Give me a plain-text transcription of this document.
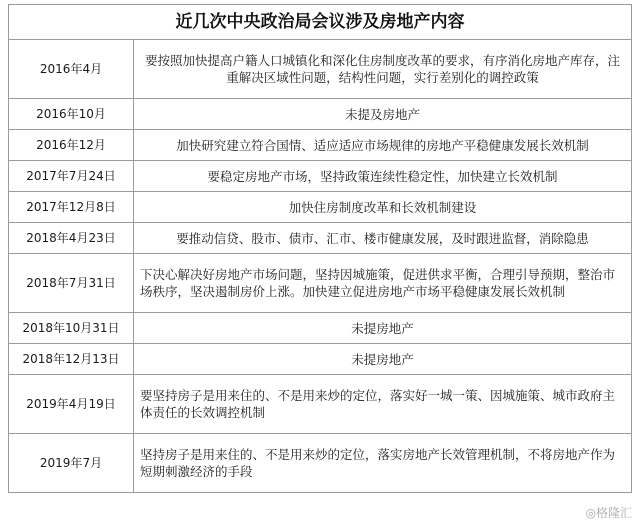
近几次中央政治局会议涉及房地产内容
2016年4月	要按照加快提高户籍人口城镇化和深化住房制度改革的要求，有序消化房地产库存，注重解决区域性问题，结构性问题，实行差别化的调控政策
2016年10月	未提及房地产
2016年12月	加快研究建立符合国情、适应适应市场规律的房地产平稳健康发展长效机制
2017年7月24日	要稳定房地产市场，坚持政策连续性稳定性，加快建立长效机制
2017年12月8日	加快住房制度改革和长效机制建设
2018年4月23日	要推动信贷、股市、债市、汇市、楼市健康发展，及时跟进监督，消除隐患
2018年7月31日	下决心解决好房地产市场问题，坚持因城施策，促进供求平衡，合理引导预期，整治市场秩序，坚决遏制房价上涨。加快建立促进房地产市场平稳健康发展长效机制
2018年10月31日	未提房地产
2018年12月13日	未提房地产
2019年4月19日	要坚持房子是用来住的、不是用来炒的定位，落实好一城一策、因城施策、城市政府主体责任的长效调控机制
2019年7月	坚持房子是用来住的、不是用来炒的定位，落实房地产长效管理机制，不将房地产作为短期刺激经济的手段
◎格隆汇
